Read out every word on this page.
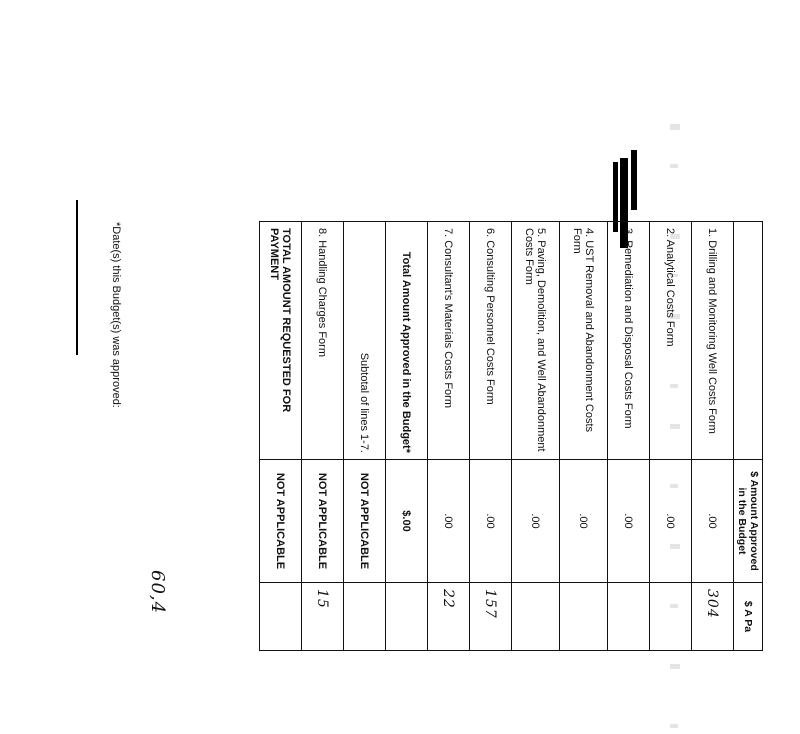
	$ Amount Approved in the Budget	$ A Pa
1. Drilling and Monitoring Well Costs Form	.00	304
2. Analytical Costs Form	.00	
3. Remediation and Disposal Costs Form	.00	
4. UST Removal and Abandonment Costs Form	.00	
5. Paving, Demolition, and Well Abandonment Costs Form	.00	
6. Consulting Personnel Costs Form	.00	157
7. Consultant's Materials Costs Form	.00	22
Total Amount Approved in the Budget*	$.00	
Subtotal of lines 1-7.	NOT APPLICABLE	
8. Handling Charges Form	NOT APPLICABLE	15
TOTAL AMOUNT REQUESTED FOR PAYMENT	NOT APPLICABLE	
*Date(s) this Budget(s) was approved:
60,4
